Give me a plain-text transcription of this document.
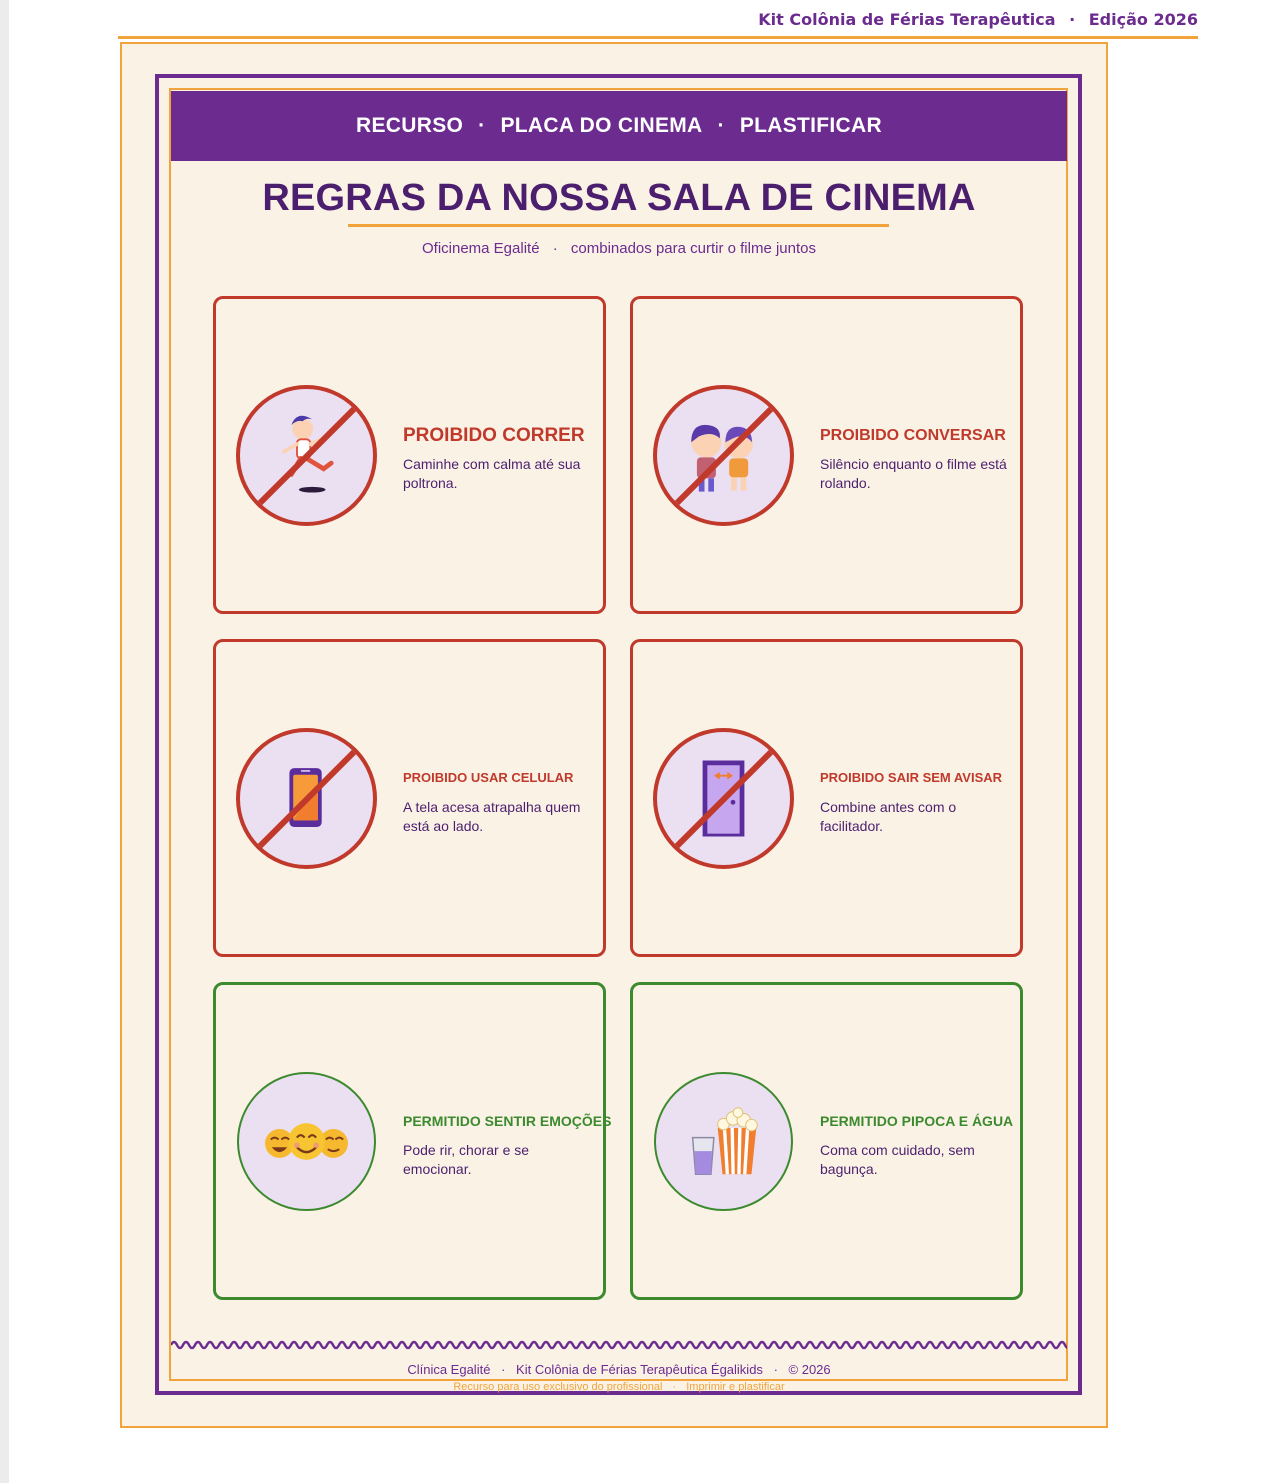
Kit Colônia de Férias Terapêutica · Edição 2026
RECURSO · PLACA DO CINEMA · PLASTIFICAR
REGRAS DA NOSSA SALA DE CINEMA
Oficinema Egalité · combinados para curtir o filme juntos
PROIBIDO CORRER
Caminhe com calma até sua poltrona.
PROIBIDO CONVERSAR
Silêncio enquanto o filme está rolando.
PROIBIDO USAR CELULAR
A tela acesa atrapalha quem está ao lado.
PROIBIDO SAIR SEM AVISAR
Combine antes com o facilitador.
PERMITIDO SENTIR EMOÇÕES
Pode rir, chorar e se emocionar.
PERMITIDO PIPOCA E ÁGUA
Coma com cuidado, sem bagunça.
Clínica Egalité · Kit Colônia de Férias Terapêutica Égalikids · © 2026
Recurso para uso exclusivo do profissional · Imprimir e plastificar
